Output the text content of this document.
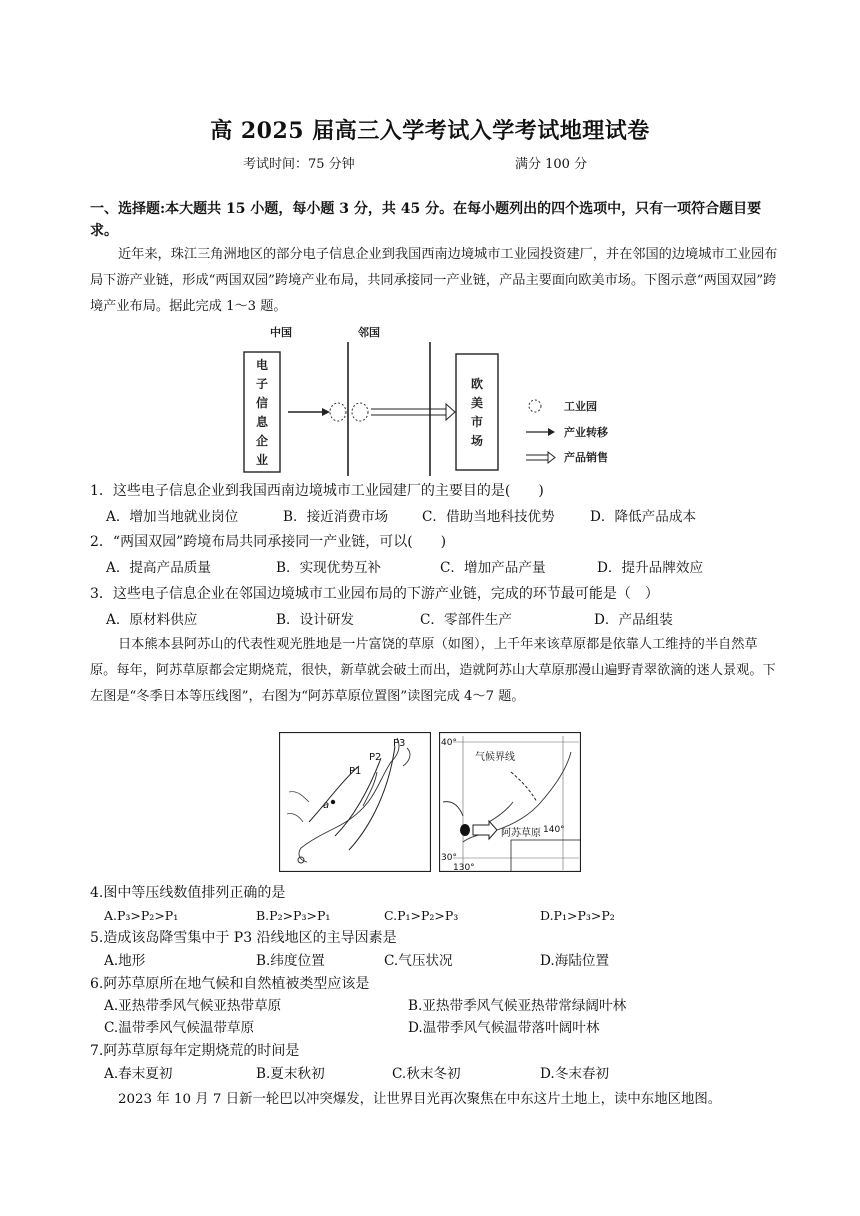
高 2025 届高三入学考试入学考试地理试卷
考试时间：75 分钟	满分 100 分
一、选择题:本大题共 15 小题，每小题 3 分，共 45 分。在每小题列出的四个选项中，只有一项符合题目要求。
近年来，珠江三角洲地区的部分电子信息企业到我国西南边境城市工业园投资建厂，并在邻国的边境城市工业园布局下游产业链，形成“两国双园”跨境产业布局，共同承接同一产业链，产品主要面向欧美市场。下图示意“两国双园”跨境产业布局。据此完成 1～3 题。
中国	邻国
电
子
信
息
企
业
欧
美
市
场
工业园
产业转移
产品销售
1．这些电子信息企业到我国西南边境城市工业园建厂的主要目的是(　　)
A．增加当地就业岗位	B．接近消费市场 C．借助当地科技优势	D．降低产品成本
2．“两国双园”跨境布局共同承接同一产业链，可以(　　)
A．提高产品质量	B．实现优势互补	C．增加产品产量	D．提升品牌效应
3．这些电子信息企业在邻国边境城市工业园布局的下游产业链，完成的环节最可能是（　）
A．原材料供应	B．设计研发	C．零部件生产	D．产品组装
日本熊本县阿苏山的代表性观光胜地是一片富饶的草原（如图），上千年来该草原都是依靠人工维持的半自然草原。每年，阿苏草原都会定期烧荒，很快，新草就会破土而出，造就阿苏山大草原那漫山遍野青翠欲滴的迷人景观。下左图是“冬季日本等压线图”，右图为“阿苏草原位置图”读图完成 4～7 题。
P3
P2
P1
a
40°
气候界线
阿苏草原 140°
30°
130°
4.图中等压线数值排列正确的是
A.P₃>P₂>P₁	B.P₂>P₃>P₁	C.P₁>P₂>P₃	D.P₁>P₃>P₂
5.造成该岛降雪集中于 P3 沿线地区的主导因素是
A.地形	B.纬度位置	C.气压状况	D.海陆位置
6.阿苏草原所在地气候和自然植被类型应该是
A.亚热带季风气候亚热带草原	B.亚热带季风气候亚热带常绿阔叶林
C.温带季风气候温带草原	D.温带季风气候温带落叶阔叶林
7.阿苏草原每年定期烧荒的时间是
A.春末夏初	B.夏末秋初	C.秋末冬初	D.冬末春初
2023 年 10 月 7 日新一轮巴以冲突爆发，让世界目光再次聚焦在中东这片土地上，读中东地区地图。
